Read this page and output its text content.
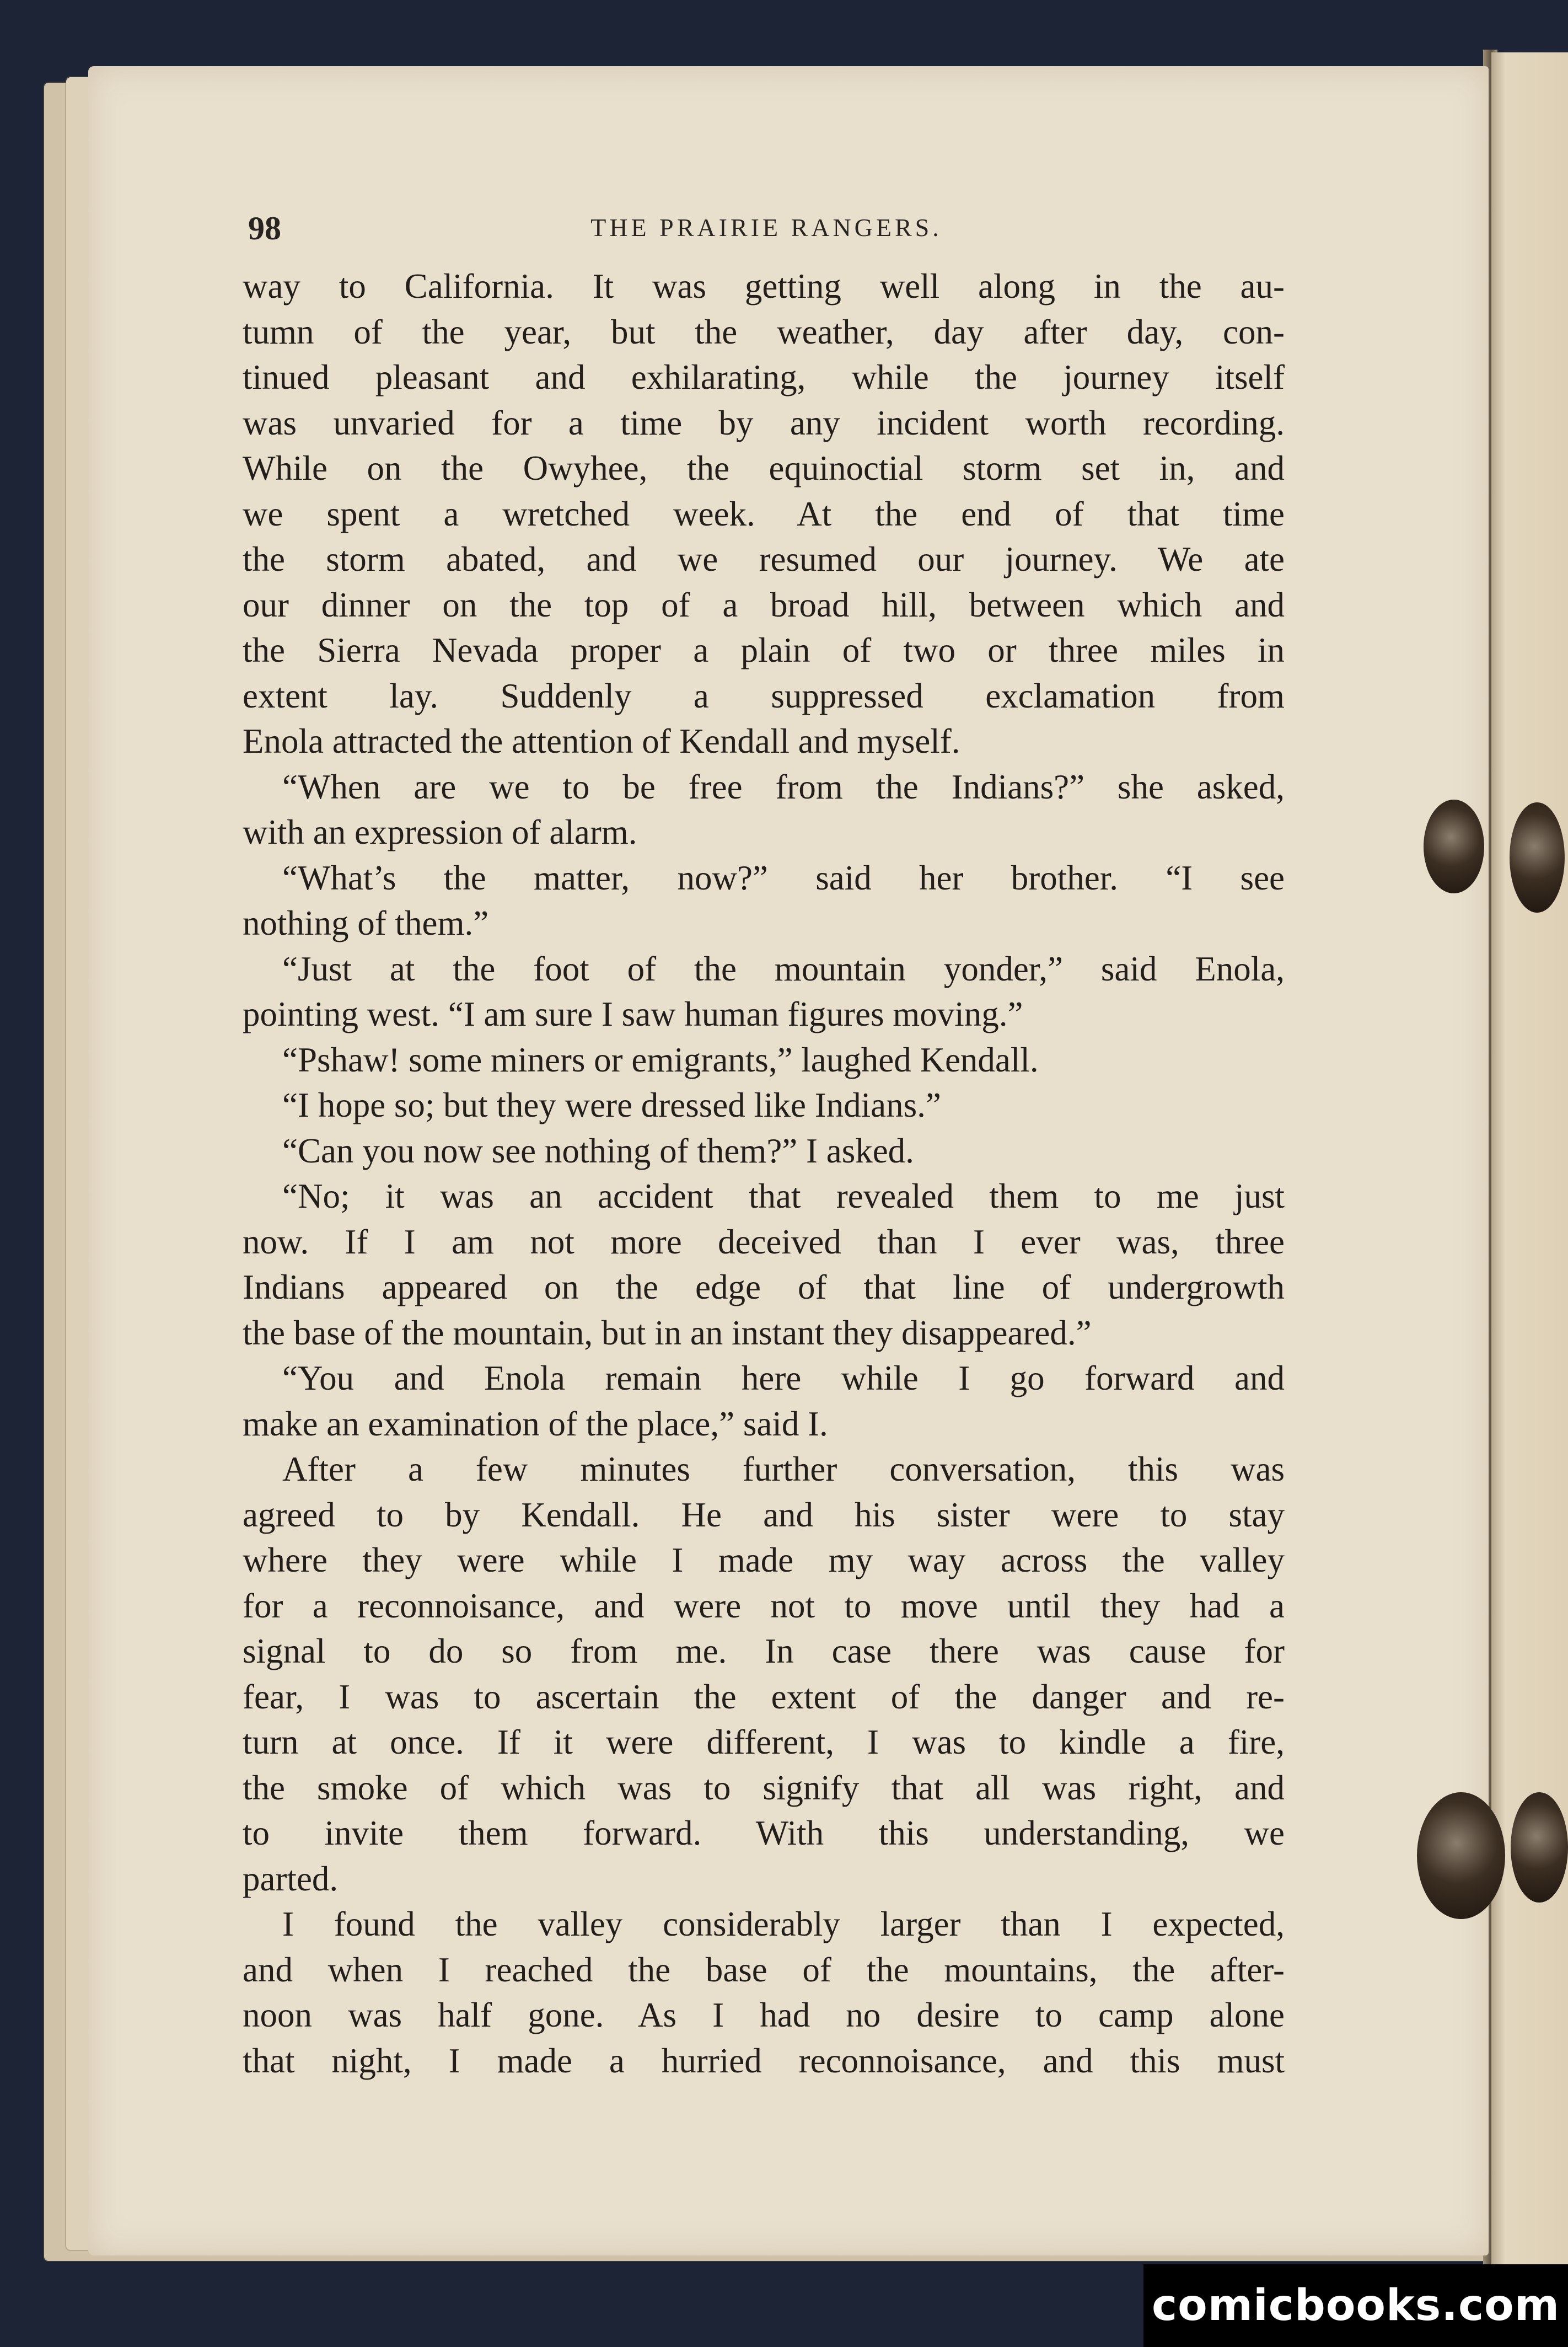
98	THE PRAIRIE RANGERS.
way to California. It was getting well along in the au-
tumn of the year, but the weather, day after day, con-
tinued pleasant and exhilarating, while the journey itself
was unvaried for a time by any incident worth recording.
While on the Owyhee, the equinoctial storm set in, and
we spent a wretched week. At the end of that time
the storm abated, and we resumed our journey. We ate
our dinner on the top of a broad hill, between which and
the Sierra Nevada proper a plain of two or three miles in
extent lay. Suddenly a suppressed exclamation from
Enola attracted the attention of Kendall and myself.
“When are we to be free from the Indians?” she asked,
with an expression of alarm.
“What’s the matter, now?” said her brother. “I see
nothing of them.”
“Just at the foot of the mountain yonder,” said Enola,
pointing west. “I am sure I saw human figures moving.”
“Pshaw! some miners or emigrants,” laughed Kendall.
“I hope so; but they were dressed like Indians.”
“Can you now see nothing of them?” I asked.
“No; it was an accident that revealed them to me just
now. If I am not more deceived than I ever was, three
Indians appeared on the edge of that line of undergrowth
the base of the mountain, but in an instant they disappeared.”
“You and Enola remain here while I go forward and
make an examination of the place,” said I.
After a few minutes further conversation, this was
agreed to by Kendall. He and his sister were to stay
where they were while I made my way across the valley
for a reconnoisance, and were not to move until they had a
signal to do so from me. In case there was cause for
fear, I was to ascertain the extent of the danger and re-
turn at once. If it were different, I was to kindle a fire,
the smoke of which was to signify that all was right, and
to invite them forward. With this understanding, we
parted.
I found the valley considerably larger than I expected,
and when I reached the base of the mountains, the after-
noon was half gone. As I had no desire to camp alone
that night, I made a hurried reconnoisance, and this must
comicbooks.com
